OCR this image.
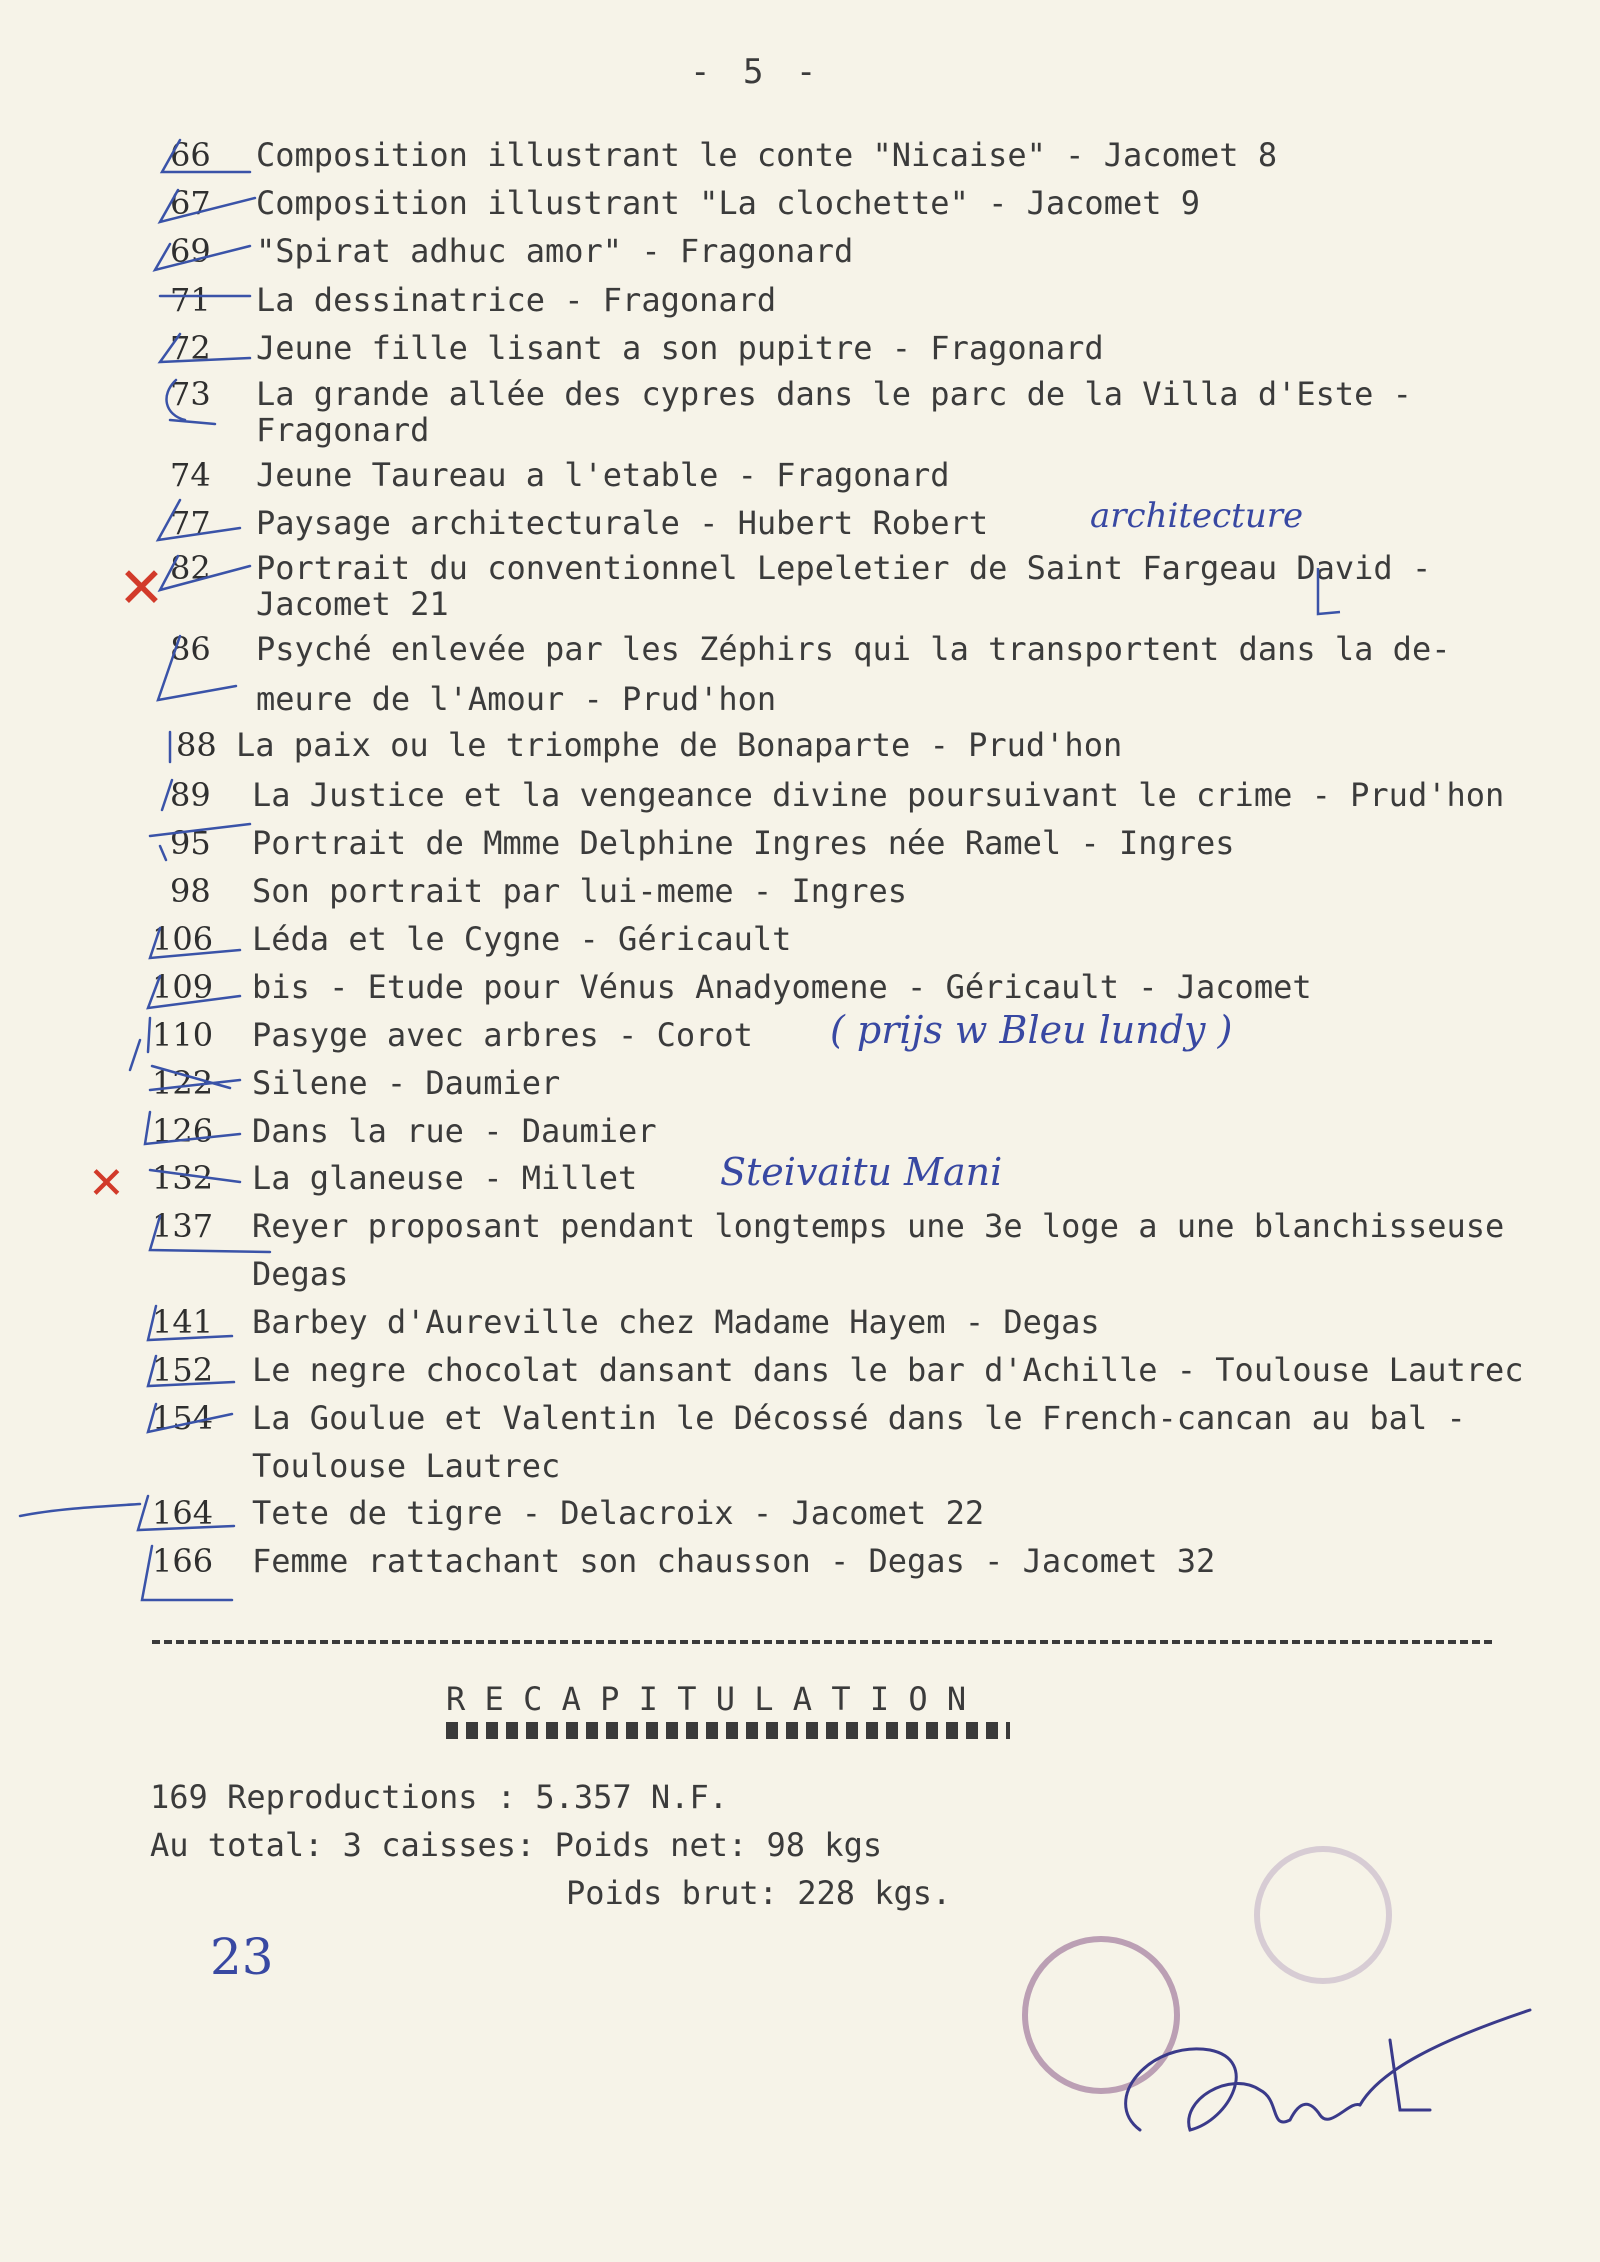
- 5 -
66	Composition illustrant le conte "Nicaise" - Jacomet 8
67	Composition illustrant "La clochette" - Jacomet 9
69	"Spirat adhuc amor" - Fragonard
71	La dessinatrice - Fragonard
72	Jeune fille lisant a son pupitre - Fragonard
73	La grande allée des cypres dans le parc de la Villa d'Este -
Fragonard
74	Jeune Taureau a l'etable - Fragonard
77	Paysage architecturale - Hubert Robert
82	Portrait du conventionnel Lepeletier de Saint Fargeau David -
Jacomet 21
86	Psyché enlevée par les Zéphirs qui la transportent dans la de-
meure de l'Amour - Prud'hon
88 La paix ou le triomphe de Bonaparte - Prud'hon
89	La Justice et la vengeance divine poursuivant le crime - Prud'hon
95	Portrait de Mmme Delphine Ingres née Ramel - Ingres
98	Son portrait par lui-meme - Ingres
106	Léda et le Cygne - Géricault
109	bis - Etude pour Vénus Anadyomene - Géricault - Jacomet
110	Pasyge avec arbres - Corot
122	Silene - Daumier
126	Dans la rue - Daumier
132	La glaneuse - Millet
137	Reyer proposant pendant longtemps une 3e loge a une blanchisseuse
Degas
141	Barbey d'Aureville chez Madame Hayem - Degas
152	Le negre chocolat dansant dans le bar d'Achille - Toulouse Lautrec
154	La Goulue et Valentin le Décossé dans le French-cancan au bal -
Toulouse Lautrec
164	Tete de tigre - Delacroix - Jacomet 22
166	Femme rattachant son chausson - Degas - Jacomet 32
✕
✕
architecture
( prijs w Bleu lundy )
Steivaitu Mani
R E C A P I T U L A T I O N
169 Reproductions : 5.357 N.F.
Au total: 3 caisses: Poids net: 98 kgs
Poids brut: 228 kgs.
23
